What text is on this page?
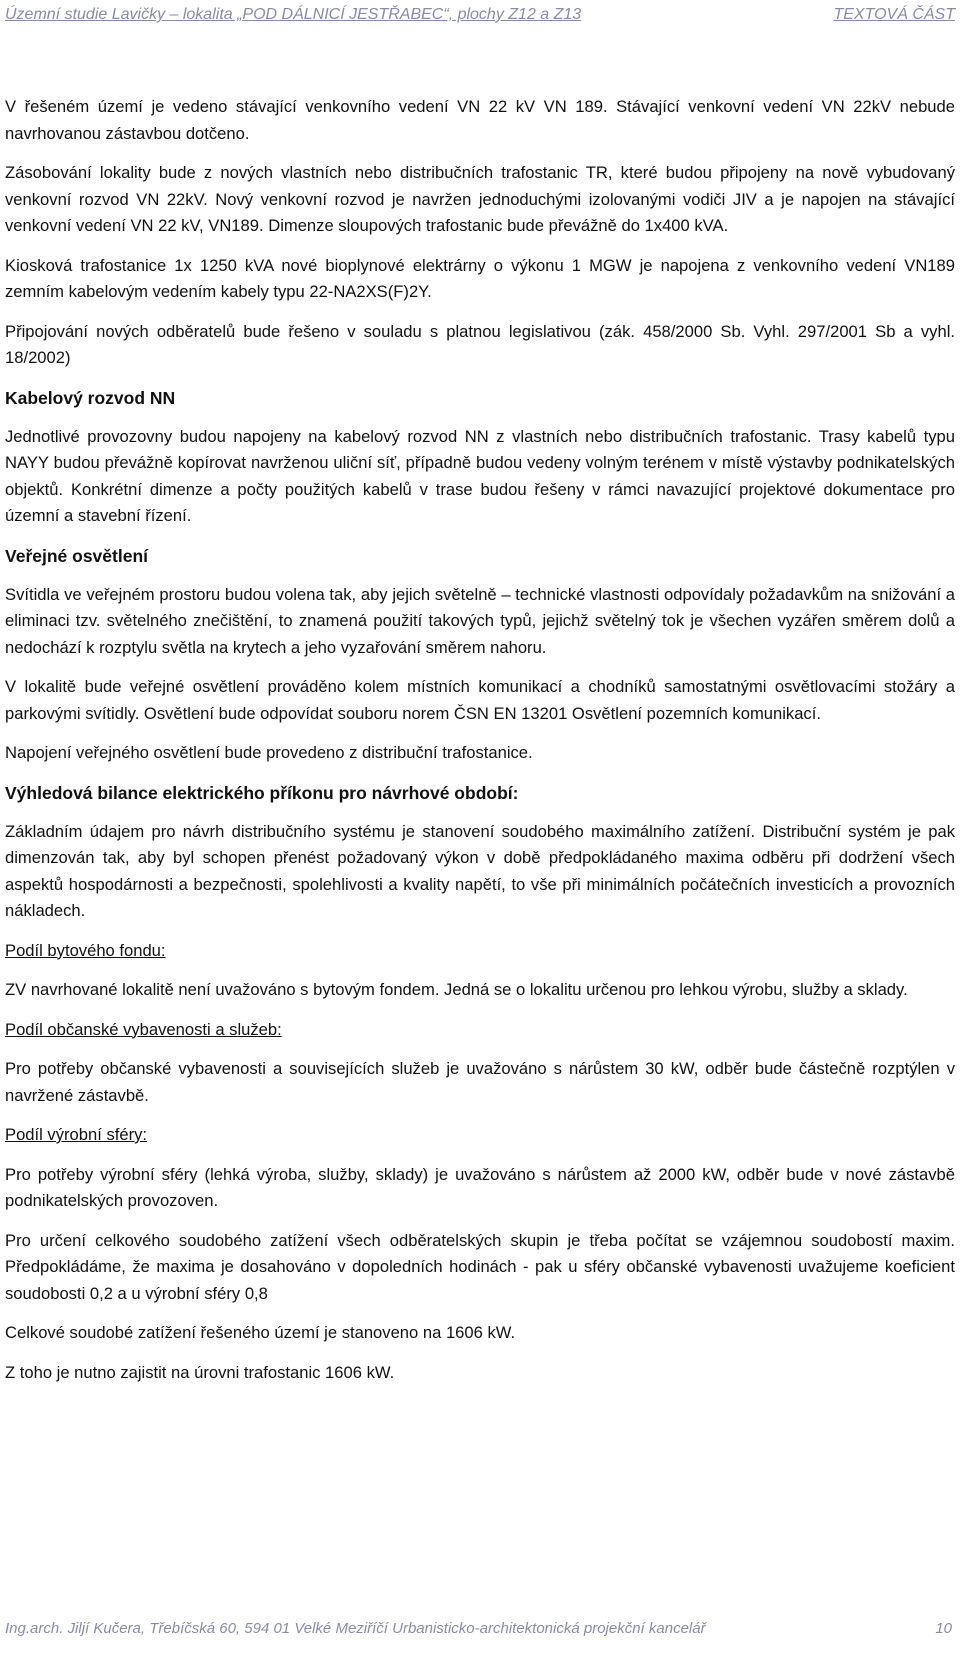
Územní studie Lavičky – lokalita „POD DÁLNICÍ JESTŘABEC“, plochy Z12 a Z13	TEXTOVÁ ČÁST

V řešeném území je vedeno stávající venkovního vedení VN 22 kV VN 189. Stávající venkovní vedení VN 22kV nebude navrhovanou zástavbou dotčeno.

Zásobování lokality bude z nových vlastních nebo distribučních trafostanic TR, které budou připojeny na nově vybudovaný venkovní rozvod VN 22kV. Nový venkovní rozvod je navržen jednoduchými izolovanými vodiči JIV a je napojen na stávající venkovní vedení VN 22 kV, VN189. Dimenze sloupových trafostanic bude převážně do 1x400 kVA.

Kiosková trafostanice 1x 1250 kVA nové bioplynové elektrárny o výkonu 1 MGW je napojena z venkovního vedení VN189 zemním kabelovým vedením kabely typu 22-NA2XS(F)2Y.

Připojování nových odběratelů bude řešeno v souladu s platnou legislativou (zák. 458/2000 Sb. Vyhl. 297/2001 Sb a vyhl. 18/2002)

Kabelový rozvod NN

Jednotlivé provozovny budou napojeny na kabelový rozvod NN z vlastních nebo distribučních trafostanic. Trasy kabelů typu NAYY budou převážně kopírovat navrženou uliční síť, případně budou vedeny volným terénem v místě výstavby podnikatelských objektů. Konkrétní dimenze a počty použitých kabelů v trase budou řešeny v rámci navazující projektové dokumentace pro územní a stavební řízení.

Veřejné osvětlení

Svítidla ve veřejném prostoru budou volena tak, aby jejich světelně – technické vlastnosti odpovídaly požadavkům na snižování a eliminaci tzv. světelného znečištění, to znamená použití takových typů, jejichž světelný tok je všechen vyzářen směrem dolů a nedochází k rozptylu světla na krytech a jeho vyzařování směrem nahoru.

V lokalitě bude veřejné osvětlení prováděno kolem místních komunikací a chodníků samostatnými osvětlovacími stožáry a parkovými svítidly. Osvětlení bude odpovídat souboru norem ČSN EN 13201 Osvětlení pozemních komunikací.

Napojení veřejného osvětlení bude provedeno z distribuční trafostanice.

Výhledová bilance elektrického příkonu pro návrhové období:

Základním údajem pro návrh distribučního systému je stanovení soudobého maximálního zatížení. Distribuční systém je pak dimenzován tak, aby byl schopen přenést požadovaný výkon v době předpokládaného maxima odběru při dodržení všech aspektů hospodárnosti a bezpečnosti, spolehlivosti a kvality napětí, to vše při minimálních počátečních investicích a provozních nákladech.

Podíl bytového fondu:

ZV navrhované lokalitě není uvažováno s bytovým fondem. Jedná se o lokalitu určenou pro lehkou výrobu, služby a sklady.

Podíl občanské vybavenosti a služeb:

Pro potřeby občanské vybavenosti a souvisejících služeb je uvažováno s nárůstem 30 kW, odběr bude částečně rozptýlen v navržené zástavbě.

Podíl výrobní sféry:

Pro potřeby výrobní sféry (lehká výroba, služby, sklady) je uvažováno s nárůstem až 2000 kW, odběr bude v nové zástavbě podnikatelských provozoven.

Pro určení celkového soudobého zatížení všech odběratelských skupin je třeba počítat se vzájemnou soudobostí maxim. Předpokládáme, že maxima je dosahováno v dopoledních hodinách - pak u sféry občanské vybavenosti uvažujeme koeficient soudobosti 0,2 a u výrobní sféry 0,8

Celkové soudobé zatížení řešeného území je stanoveno na 1606 kW.

Z toho je nutno zajistit na úrovni trafostanic 1606 kW.

Ing.arch. Jiljí Kučera, Třebíčská 60, 594 01 Velké Meziříčí Urbanisticko-architektonická projekční kancelář	10
